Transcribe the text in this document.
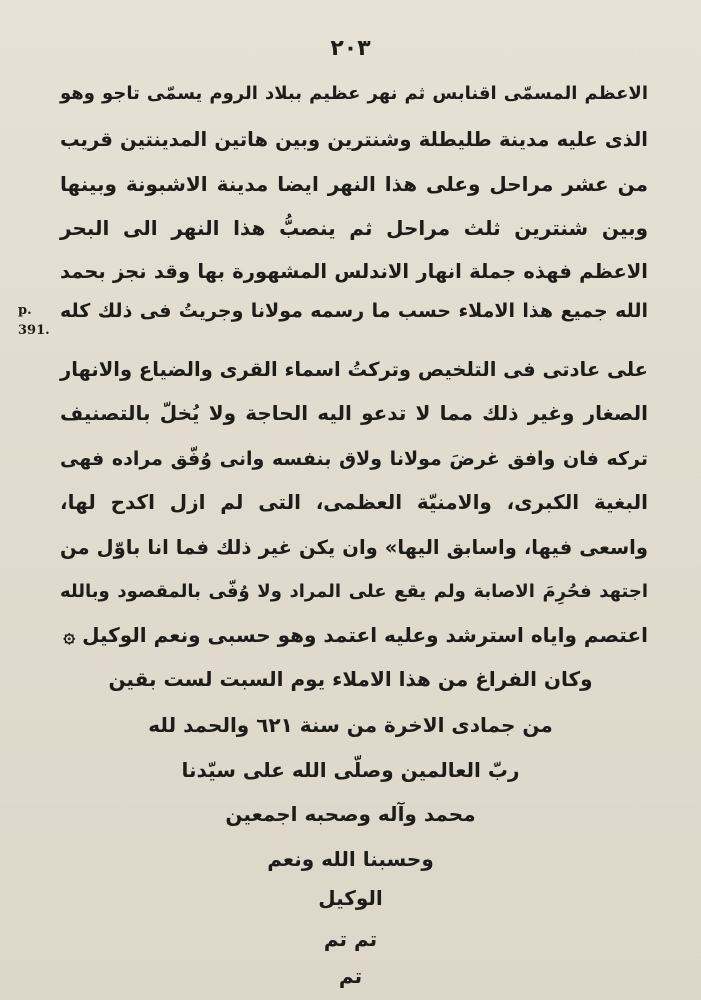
٢٠٣
p. 391.
الاعظم المسمّى اقنابس ثم نهر عظيم ببلاد الروم يسمّى تاجو وهو
الذى عليه مدينة طليطلة وشنترين وبين هاتين المدينتين قريب
من عشر مراحل وعلى هذا النهر ايضا مدينة الاشبونة وبينها
وبين شنترين ثلث مراحل ثم ينصبُّ هذا النهر الى البحر
الاعظم فهذه جملة انهار الاندلس المشهورة بها وقد نجز بحمد
الله جميع هذا الاملاء حسب ما رسمه مولانا وجريتُ فى ذلك كله
على عادتى فى التلخيص وتركتُ اسماء القرى والضياع والانهار
الصغار وغير ذلك مما لا تدعو اليه الحاجة ولا يُخلّ بالتصنيف
تركه فان وافق غرضَ مولانا ولاق بنفسه وانى وُفّق مراده فهى
البغية الكبرى، والامنيّة العظمى، التى لم ازل اكدح لها،
واسعى فيها، واسابق اليها» وان يكن غير ذلك فما انا باوّل من
اجتهد فحُرِمَ الاصابة ولم يقع على المراد ولا وُفّى بالمقصود وبالله
اعتصم واياه استرشد وعليه اعتمد وهو حسبى ونعم الوكيل ۞
وكان الفراغ من هذا الاملاء يوم السبت لست بقين
من جمادى الاخرة من سنة ٦٢١ والحمد لله
ربّ العالمين وصلّى الله على سيّدنا
محمد وآله وصحبه اجمعين
وحسبنا الله ونعم
الوكيل
تم تم
تم
